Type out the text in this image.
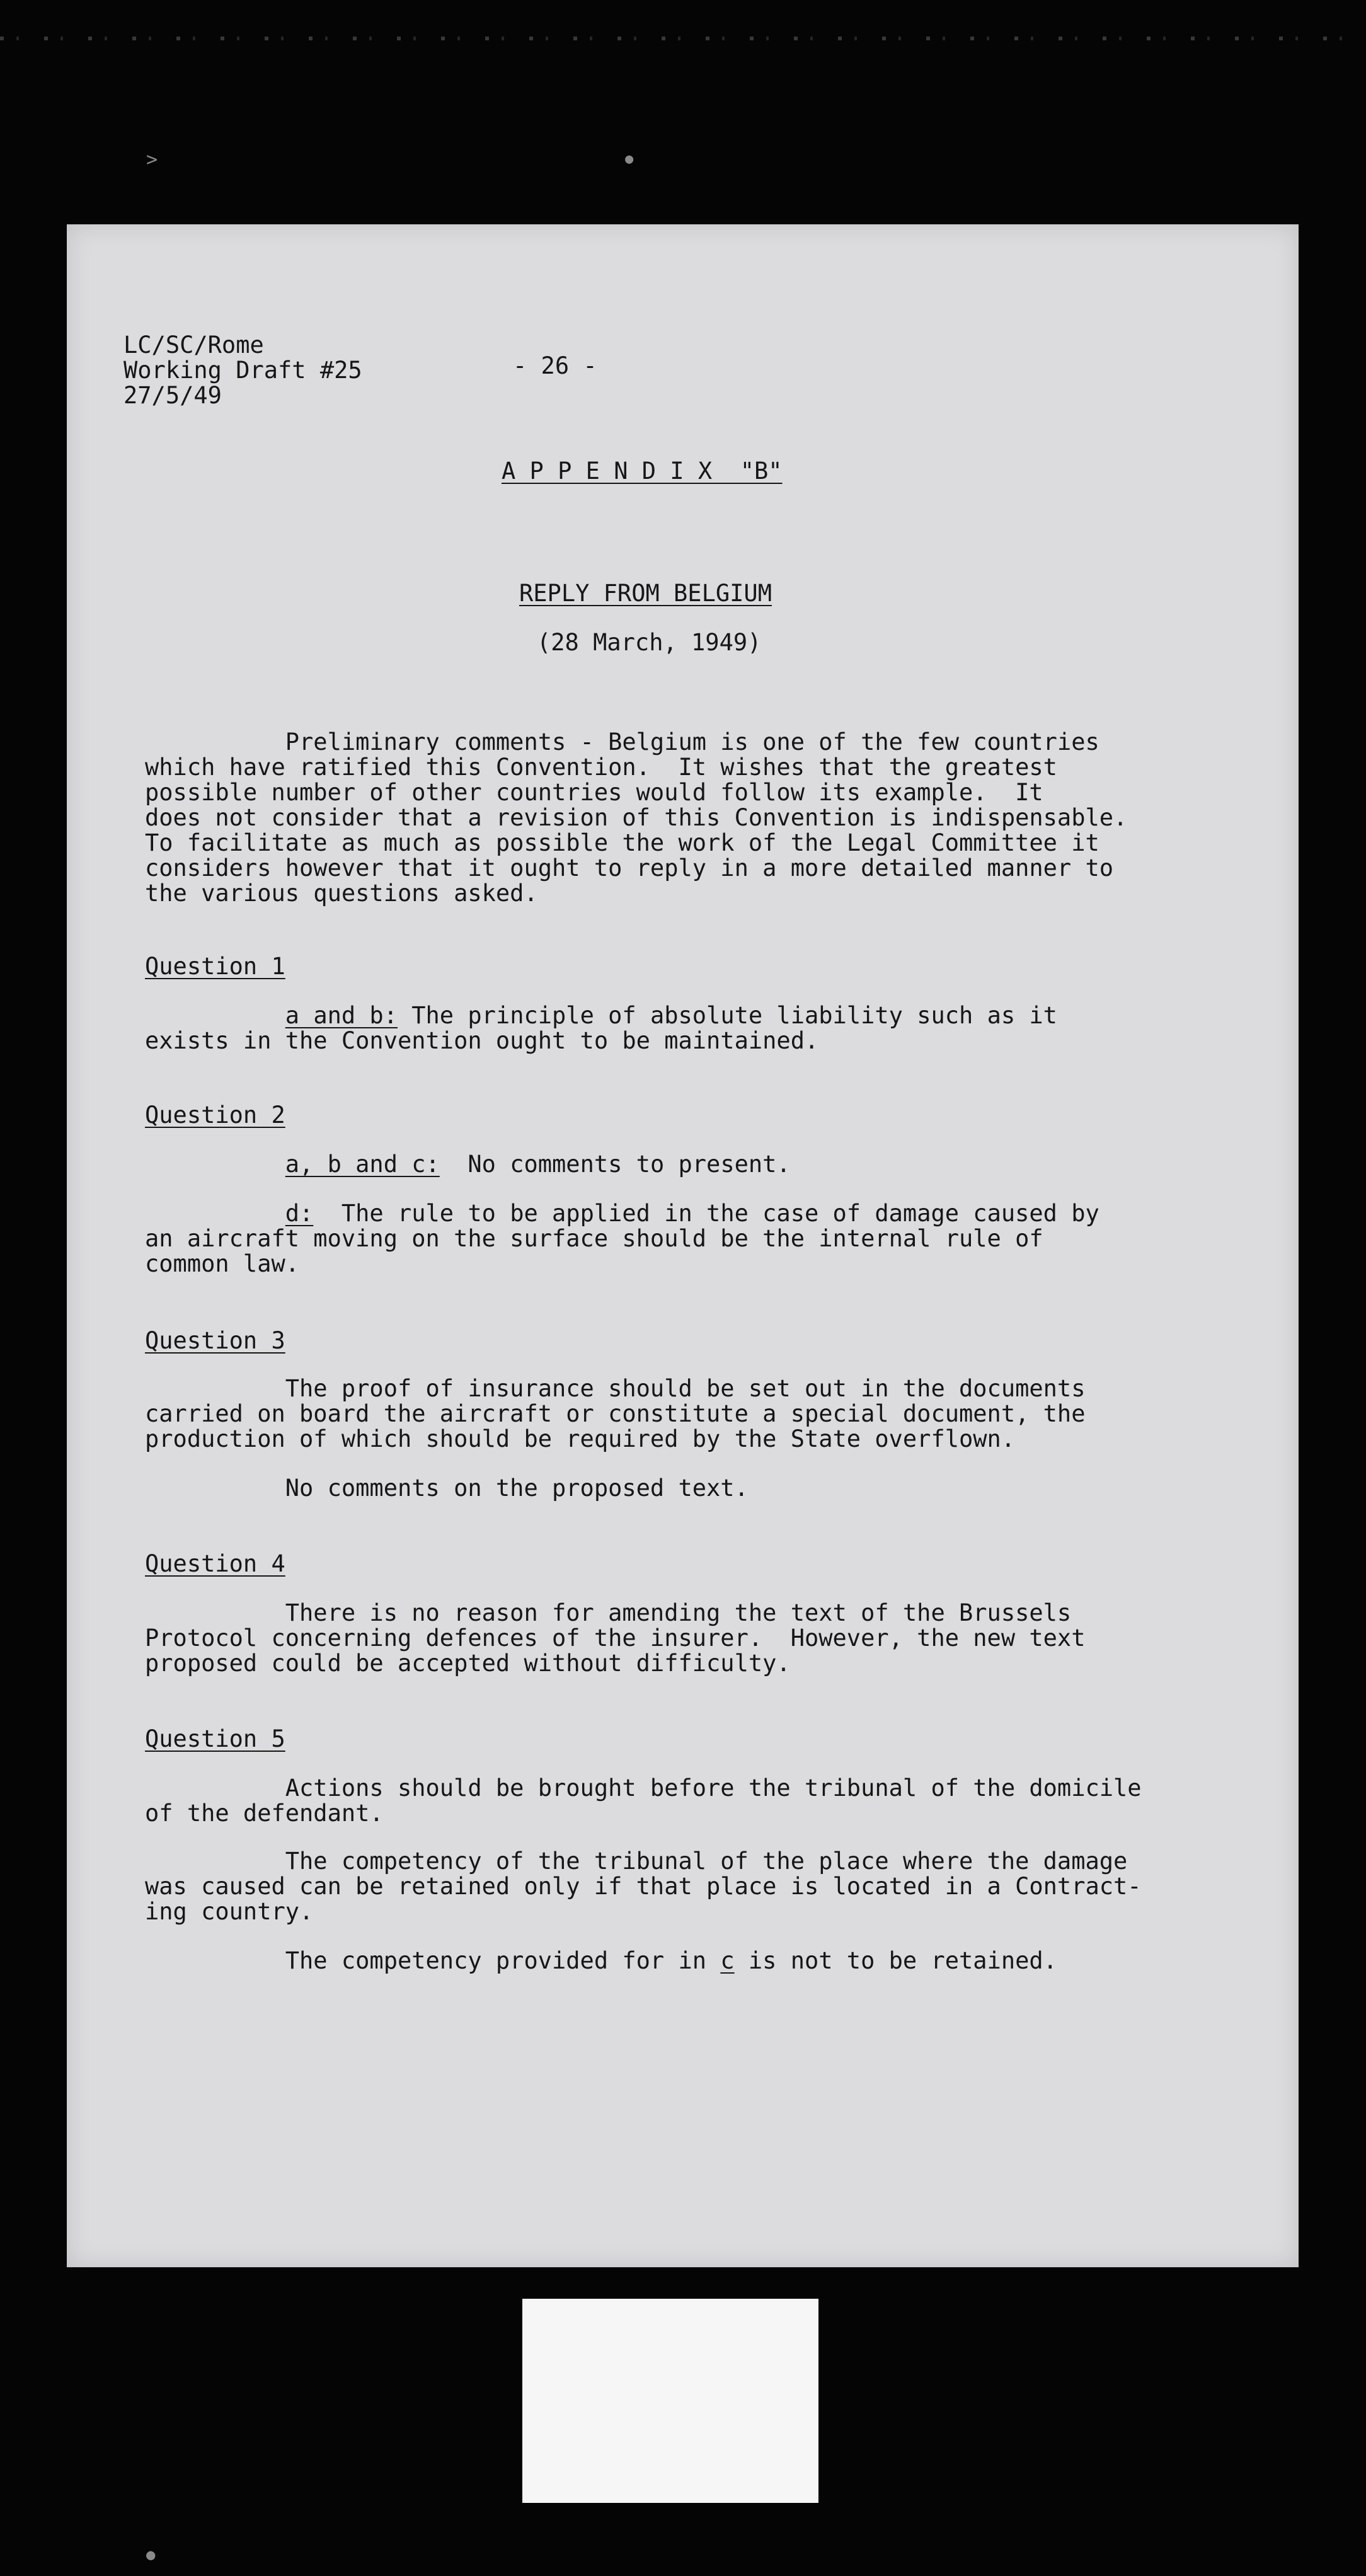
>	●
LC/SC/Rome
Working Draft #25
27/5/49
- 26 -
A P P E N D I X  "B"
REPLY FROM BELGIUM
(28 March, 1949)
Preliminary comments - Belgium is one of the few countries
which have ratified this Convention.  It wishes that the greatest
possible number of other countries would follow its example.  It
does not consider that a revision of this Convention is indispensable.
To facilitate as much as possible the work of the Legal Committee it
considers however that it ought to reply in a more detailed manner to
the various questions asked.
Question 1
a and b: The principle of absolute liability such as it
exists in the Convention ought to be maintained.
Question 2
a, b and c:  No comments to present.
d:  The rule to be applied in the case of damage caused by
an aircraft moving on the surface should be the internal rule of
common law.
Question 3
The proof of insurance should be set out in the documents
carried on board the aircraft or constitute a special document, the
production of which should be required by the State overflown.
No comments on the proposed text.
Question 4
There is no reason for amending the text of the Brussels
Protocol concerning defences of the insurer.  However, the new text
proposed could be accepted without difficulty.
Question 5
Actions should be brought before the tribunal of the domicile
of the defendant.
The competency of the tribunal of the place where the damage
was caused can be retained only if that place is located in a Contract-
ing country.
The competency provided for in c is not to be retained.
●
